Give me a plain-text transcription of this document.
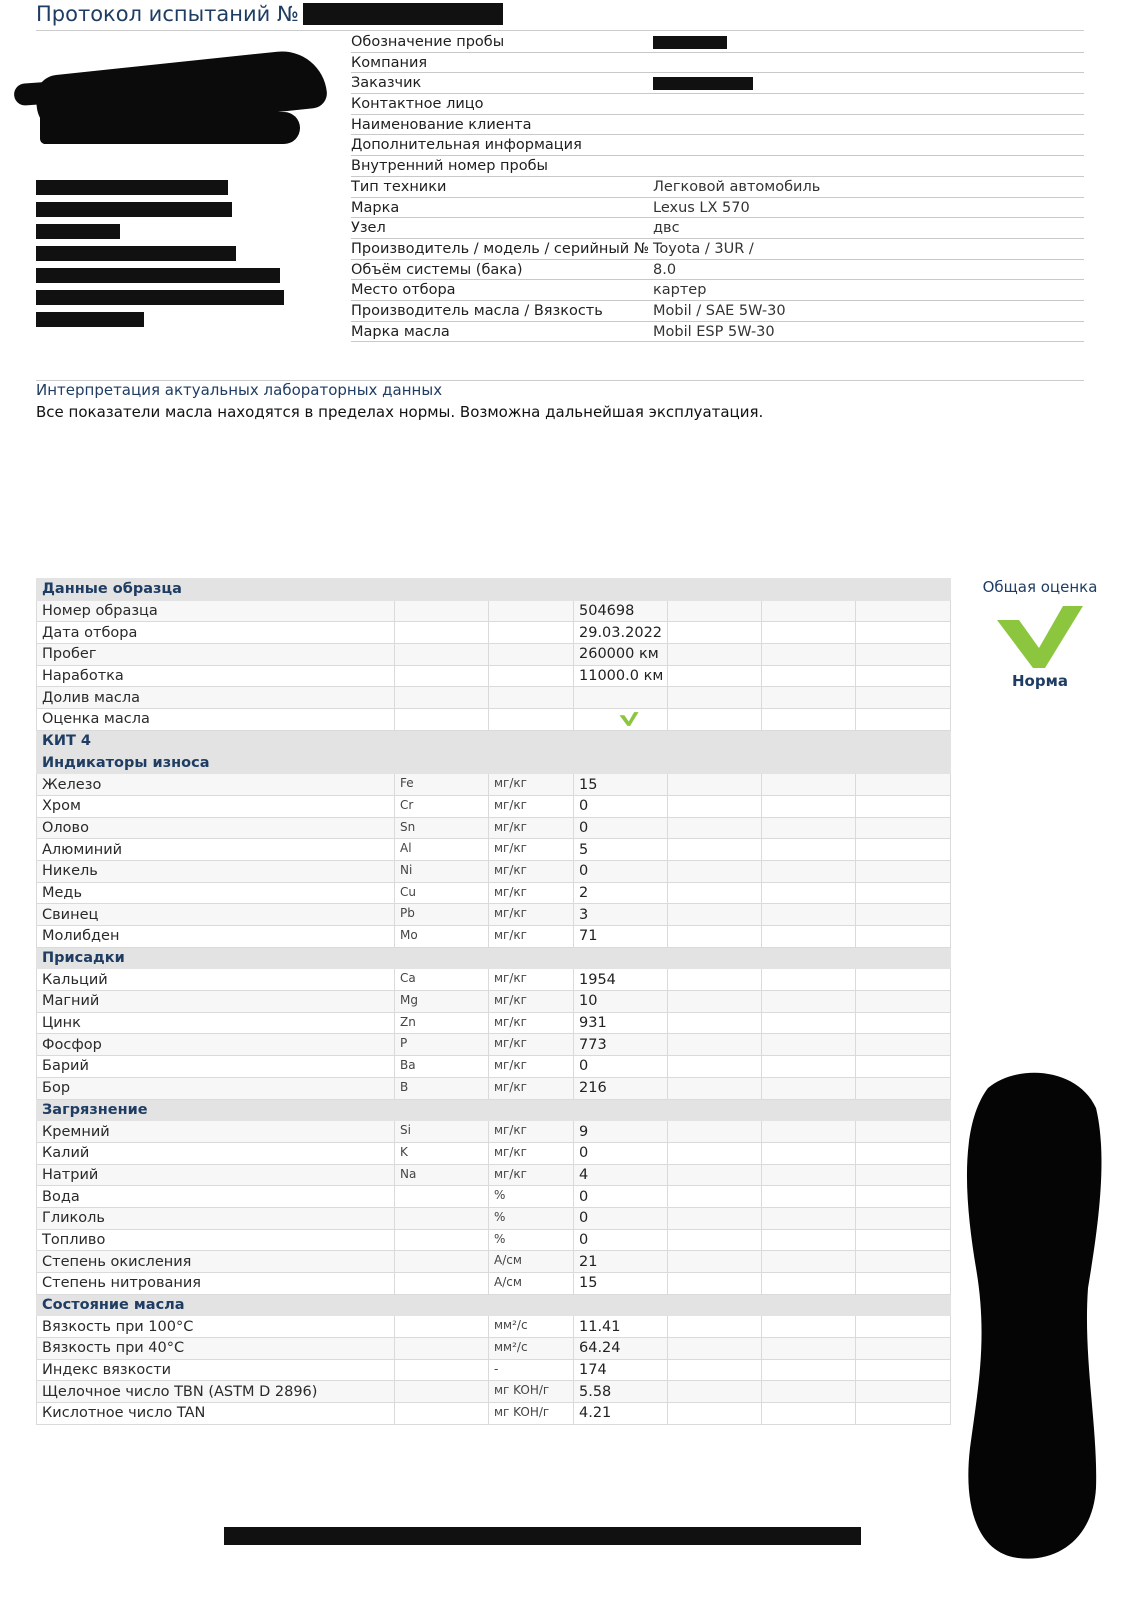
Протокол испытаний №
Обозначение пробы
Компания
Заказчик
Контактное лицо
Наименование клиента
Дополнительная информация
Внутренний номер пробы
Тип техники	Легковой автомобиль
Марка	Lexus LX 570
Узел	двс
Производитель / модель / серийный № Toyota / 3UR /
Объём системы (бака)	8.0
Место отбора	картер
Производитель масла / Вязкость	Mobil / SAE 5W-30
Марка масла	Mobil ESP 5W-30
Интерпретация актуальных лабораторных данных
Все показатели масла находятся в пределах нормы. Возможна дальнейшая эксплуатация.
Данные образца						
Номер образца			504698			
Дата отбора			29.03.2022			
Пробег			260000 км			
Наработка			11000.0 км			
Долив масла						
Оценка масла						
КИТ 4						
Индикаторы износа						
Железо	Fe	мг/кг	15			
Хром	Cr	мг/кг	0			
Олово	Sn	мг/кг	0			
Алюминий	Al	мг/кг	5			
Никель	Ni	мг/кг	0			
Медь	Cu	мг/кг	2			
Свинец	Pb	мг/кг	3			
Молибден	Mo	мг/кг	71			
Присадки						
Кальций	Ca	мг/кг	1954			
Магний	Mg	мг/кг	10			
Цинк	Zn	мг/кг	931			
Фосфор	P	мг/кг	773			
Барий	Ba	мг/кг	0			
Бор	B	мг/кг	216			
Загрязнение						
Кремний	Si	мг/кг	9			
Калий	K	мг/кг	0			
Натрий	Na	мг/кг	4			
Вода		%	0			
Гликоль		%	0			
Топливо		%	0			
Степень окисления		А/см	21			
Степень нитрования		А/см	15			
Состояние масла						
Вязкость при 100°C		мм²/с	11.41			
Вязкость при 40°C		мм²/с	64.24			
Индекс вязкости		-	174			
Щелочное число TBN (ASTM D 2896)		мг KOH/г	5.58			
Кислотное число TAN		мг KOH/г	4.21			
Общая оценка
Норма
